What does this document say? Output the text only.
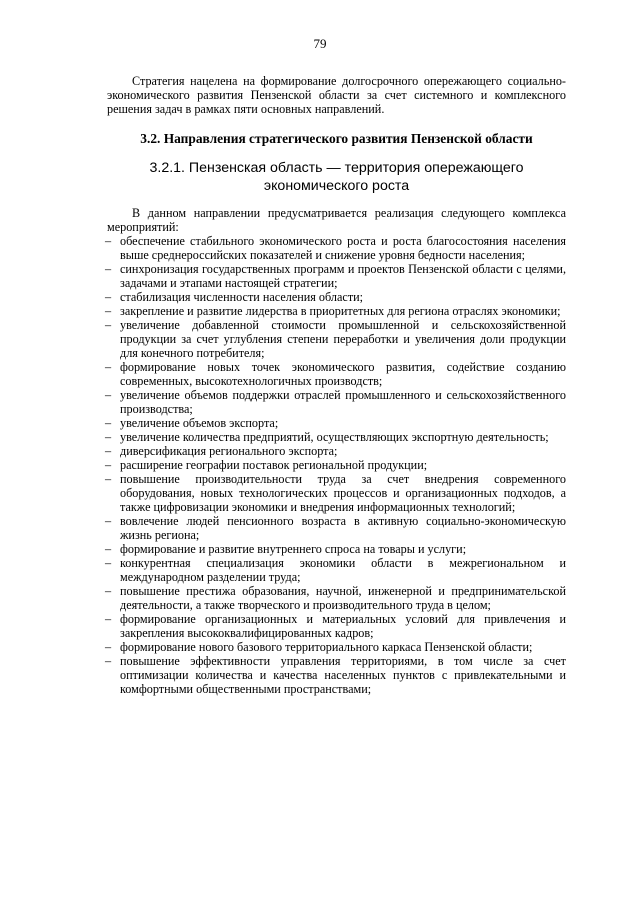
79

Стратегия нацелена на формирование долгосрочного опережающего социально-экономического развития Пензенской области за счет системного и комплексного решения задач в рамках пяти основных направлений.

3.2. Направления стратегического развития Пензенской области
3.2.1. Пензенская область — территория опережающего экономического роста

В данном направлении предусматривается реализация следующего комплекса мероприятий:

– обеспечение стабильного экономического роста и роста благосостояния населения выше среднероссийских показателей и снижение уровня бедности населения;
– синхронизация государственных программ и проектов Пензенской области с целями, задачами и этапами настоящей стратегии;
– стабилизация численности населения области;
– закрепление и развитие лидерства в приоритетных для региона отраслях экономики;
– увеличение добавленной стоимости промышленной и сельскохозяйственной продукции за счет углубления степени переработки и увеличения доли продукции для конечного потребителя;
– формирование новых точек экономического развития, содействие созданию современных, высокотехнологичных производств;
– увеличение объемов поддержки отраслей промышленного и сельскохозяйственного производства;
– увеличение объемов экспорта;
– увеличение количества предприятий, осуществляющих экспортную деятельность;
– диверсификация регионального экспорта;
– расширение географии поставок региональной продукции;
– повышение производительности труда за счет внедрения современного оборудования, новых технологических процессов и организационных подходов, а также цифровизации экономики и внедрения информационных технологий;
– вовлечение людей пенсионного возраста в активную социально-экономическую жизнь региона;
– формирование и развитие внутреннего спроса на товары и услуги;
– конкурентная специализация экономики области в межрегиональном и международном разделении труда;
– повышение престижа образования, научной, инженерной и предпринимательской деятельности, а также творческого и производительного труда в целом;
– формирование организационных и материальных условий для привлечения и закрепления высококвалифицированных кадров;
– формирование нового базового территориального каркаса Пензенской области;
– повышение эффективности управления территориями, в том числе за счет оптимизации количества и качества населенных пунктов с привлекательными и комфортными общественными пространствами;
